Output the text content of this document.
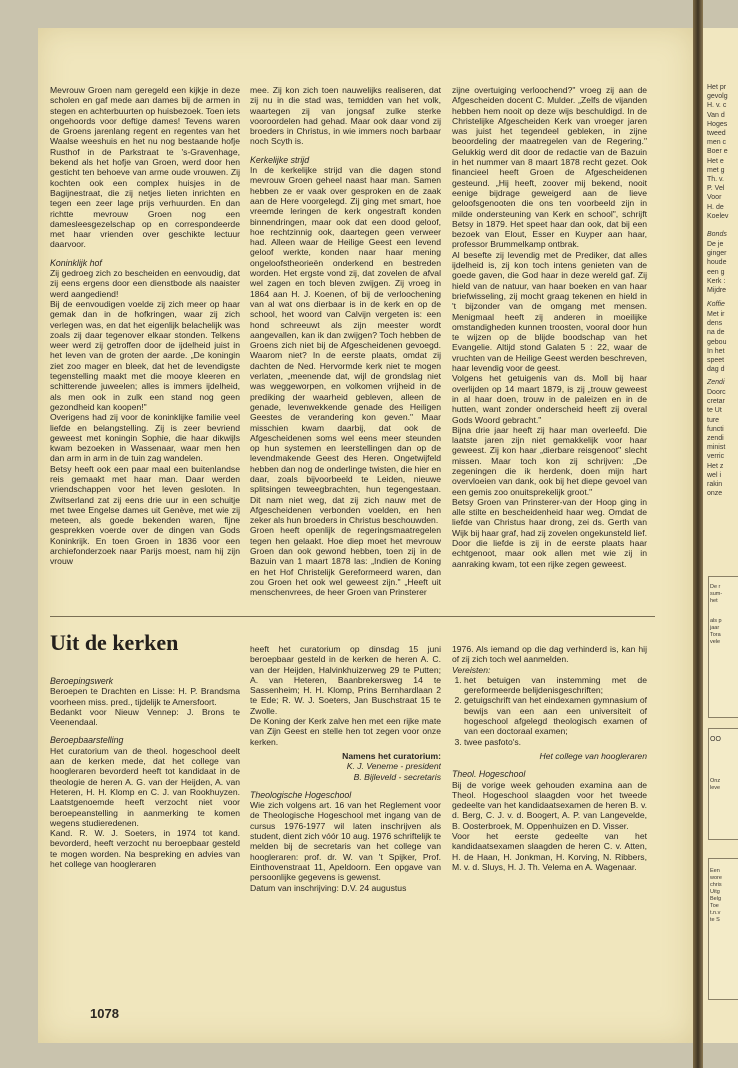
Mevrouw Groen nam geregeld een kijkje in deze scholen en gaf mede aan dames bij de armen in stegen en achterbuurten op huisbezoek. Toen iets ongehoords voor deftige dames! Tevens waren de Groens jarenlang regent en regentes van het Waalse weeshuis en het nu nog bestaande hofje Rusthof in de Parkstraat te 's-Gravenhage, bekend als het hofje van Groen, werd door hen gesticht ten behoeve van arme oude vrouwen. Zij kochten ook een complex huisjes in de Bagijnestraat, die zij netjes lieten inrichten en tegen een zeer lage prijs verhuurden. En dan richtte mevrouw Groen nog een damesleesgezelschap op en correspondeerde met haar vrienden over geschikte lectuur daarvoor.

Koninklijk hof

Zij gedroeg zich zo bescheiden en eenvoudig, dat zij eens ergens door een dienstbode als naaister werd aangediend!

Bij de eenvoudigen voelde zij zich meer op haar gemak dan in de hofkringen, waar zij zich verlegen was, en dat het eigenlijk belachelijk was zoals zij daar tegenover elkaar stonden. Telkens weer werd zij getroffen door de ijdelheid juist in het leven van de groten der aarde. „De koningin ziet zoo mager en bleek, dat het de levendigste tegenstelling maakt met die mooye kleeren en schitterende juweelen; alles is immers ijdelheid, als men ook in zulk een stand nog geen gezondheid kan koopen!"

Overigens had zij voor de koninklijke familie veel liefde en belangstelling. Zij is zeer bevriend geweest met koningin Sophie, die haar dikwijls kwam bezoeken in Wassenaar, waar men hen dan arm in arm in de tuin zag wandelen.

Betsy heeft ook een paar maal een buitenlandse reis gemaakt met haar man. Daar werden vriendschappen voor het leven gesloten. In Zwitserland zat zij eens drie uur in een schuitje met twee Engelse dames uit Genève, met wie zij meteen, als goede bekenden waren, fijne gesprekken voerde over de dingen van Gods Koninkrijk. En toen Groen in 1836 voor een archiefonderzoek naar Parijs moest, nam hij zijn vrouw

mee. Zij kon zich toen nauwelijks realiseren, dat zij nu in die stad was, temidden van het volk, waartegen zij van jongsaf zulke sterke vooroordelen had gehad. Maar ook daar vond zij broeders in Christus, in wie immers noch barbaar noch Scyth is.

Kerkelijke strijd

In de kerkelijke strijd van die dagen stond mevrouw Groen geheel naast haar man. Samen hebben ze er vaak over gesproken en de zaak aan de Here voorgelegd. Zij ging met smart, hoe vreemde leringen de kerk ongestraft konden binnendringen, maar ook dat een dood geloof, hoe rechtzinnig ook, daartegen geen verweer had. Alleen waar de Heilige Geest een levend geloof werkte, konden naar haar mening ongeloofstheorieën onderkend en bestreden worden. Het ergste vond zij, dat zovelen de afval wel zagen en toch bleven zwijgen. Zij vroeg in 1864 aan H. J. Koenen, of bij de verloochening van al wat ons dierbaar is in de kerk en op de school, het woord van Calvijn vergeten is: een hond schreeuwt als zijn meester wordt aangevallen, kan ik dan zwijgen? Toch hebben de Groens zich niet bij de Afgescheidenen gevoegd. Waarom niet? In de eerste plaats, omdat zij dachten de Ned. Hervormde kerk niet te mogen verlaten, „meenende dat, wijl de grondslag niet was weggeworpen, en volkomen vrijheid in de prediking der waarheid gebleven, alleen de genade, levenwekkende genade des Heiligen Geestes de verandering kon geven." Maar misschien kwam daarbij, dat ook de Afgescheidenen soms wel eens meer steunden op hun systemen en leerstellingen dan op de levendmakende Geest des Heren. Ongetwijfeld hebben dan nog de onderlinge twisten, die hier en daar, zoals bijvoorbeeld te Leiden, nieuwe splitsingen teweegbrachten, hun tegengestaan. Dit nam niet weg, dat zij zich nauw met de Afgescheidenen verbonden voelden, en hen zeker als hun broeders in Christus beschouwden.

Groen heeft openlijk de regeringsmaatregelen tegen hen gelaakt. Hoe diep moet het mevrouw Groen dan ook gewond hebben, toen zij in de Bazuin van 1 maart 1878 las: „Indien de Koning en het Hof Christelijk Gereformeerd waren, dan zou Groen het ook wel geweest zijn." „Heeft uit menschenvrees, de heer Groen van Prinsterer

zijne overtuiging verloochend?" vroeg zij aan de Afgescheiden docent C. Mulder. „Zelfs de vijanden hebben hem nooit op deze wijs beschuldigd. In de Christelijke Afgescheiden Kerk van vroeger jaren was juist het tegendeel gebleken, in zijne beoordeling der maatregelen van de Regering." Gelukkig werd dit door de redactie van de Bazuin in het nummer van 8 maart 1878 recht gezet. Ook financieel heeft Groen de Afgescheidenen gesteund. „Hij heeft, zoover mij bekend, nooit eenige bijdrage geweigerd aan de lieve geloofsgenooten die ons ten voorbeeld zijn in milde ondersteuning van Kerk en school", schrijft Betsy in 1879. Het speet haar dan ook, dat bij een bezoek van Elout, Esser en Kuyper aan haar, professor Brummelkamp ontbrak.

Al besefte zij levendig met de Prediker, dat alles ijdelheid is, zij kon toch intens genieten van de goede gaven, die God haar in deze wereld gaf. Zij hield van de natuur, van haar boeken en van haar briefwisseling, zij mocht graag tekenen en hield in 't bijzonder van de omgang met mensen. Menigmaal heeft zij anderen in moeilijke omstandigheden kunnen troosten, vooral door hun te wijzen op de blijde boodschap van het Evangelie. Altijd stond Galaten 5 : 22, waar de vruchten van de Heilige Geest werden beschreven, haar levendig voor de geest.

Volgens het getuigenis van ds. Moll bij haar overlijden op 14 maart 1879, is zij „trouw geweest in al haar doen, trouw in de paleizen en in de hutten, want zonder onderscheid heeft zij overal Gods Woord gebracht."

Bijna drie jaar heeft zij haar man overleefd. Die laatste jaren zijn niet gemakkelijk voor haar geweest. Zij kon haar „dierbare reisgenoot" slecht missen. Maar toch kon zij schrijven: „De zegeningen die ik herdenk, doen mijn hart overvloeien van dank, ook bij het diepe gevoel van een gemis zoo onuitsprekelijk groot."

Betsy Groen van Prinsterer-van der Hoop ging in alle stilte en bescheidenheid haar weg. Omdat de liefde van Christus haar drong, zei ds. Gerth van Wijk bij haar graf, had zij zovelen ongekunsteld lief. Door die liefde is zij in de eerste plaats haar echtgenoot, maar ook allen met wie zij in aanraking kwam, tot een rijke zegen geweest.

Uit de kerken
Beroepingswerk

Beroepen te Drachten en Lisse: H. P. Brandsma voorheen miss. pred., tijdelijk te Amersfoort.

Bedankt voor Nieuw Vennep: J. Brons te Veenendaal.

Beroepbaarstelling

Het curatorium van de theol. hogeschool deelt aan de kerken mede, dat het college van hoogleraren bevorderd heeft tot kandidaat in de theologie de heren A. G. van der Heijden, A. van Heteren, H. H. Klomp en C. J. van Rookhuyzen. Laatstgenoemde heeft verzocht niet voor beroepeanstelling in aanmerking te komen wegens studieredenen.

Kand. R. W. J. Soeters, in 1974 tot kand. bevorderd, heeft verzocht nu beroepbaar gesteld te mogen worden. Na bespreking en advies van het college van hoogleraren

heeft het curatorium op dinsdag 15 juni beroepbaar gesteld in de kerken de heren A. C. van der Heijden, Halvinkhuizerweg 29 te Putten; A. van Heteren, Baanbrekersweg 14 te Sassenheim; H. H. Klomp, Prins Bernhardlaan 2 te Ede; R. W. J. Soeters, Jan Buschstraat 15 te Zwolle.

De Koning der Kerk zalve hen met een rijke mate van Zijn Geest en stelle hen tot zegen voor onze kerken.

Namens het curatorium:
K. J. Veneme - president
B. Bijleveld - secretaris
Theologische Hogeschool

Wie zich volgens art. 16 van het Reglement voor de Theologische Hogeschool met ingang van de cursus 1976-1977 wil laten inschrijven als student, dient zich vóór 10 aug. 1976 schriftelijk te melden bij de secretaris van het college van hoogleraren: prof. dr. W. van 't Spijker, Prof. Einthovenstraat 11, Apeldoorn. Een opgave van persoonlijke gegevens is gewenst.

Datum van inschrijving: D.V. 24 augustus

1976. Als iemand op die dag verhinderd is, kan hij of zij zich toch wel aanmelden.

Vereisten:

1. het betuigen van instemming met de gereformeerde belijdenisgeschriften;
2. getuigschrift van het eindexamen gymnasium of bewijs van een aan een universiteit of hogeschool afgelegd theologisch examen of van een doctoraal examen;
3. twee pasfoto's.

Het college van hoogleraren

Theol. Hogeschool

Bij de vorige week gehouden examina aan de Theol. Hogeschool slaagden voor het tweede gedeelte van het kandidaatsexamen de heren B. v. d. Berg, C. J. v. d. Boogert, A. P. van Langevelde, B. Oosterbroek, M. Oppenhuizen en D. Visser.

Voor het eerste gedeelte van het kandidaatsexamen slaagden de heren C. v. Atten, H. de Haan, H. Jonkman, H. Korving, N. Ribbers, M. v. d. Sluys, H. J. Th. Velema en A. Wagenaar.

1078
Het pr
gevolg
H. v. c
Van d
Hoges
tweed
men c
Boer e
Het e
met g
Th. v.
P. Vel
Voor
H. de
Koelev
Bonds
De je
ginger
houde
een g
Kerk :
Mijdre
Koffie
Met ir
dens
na de
gebou
In het
speet
dag d
Zendi
Doorc
cretar
te Ut
ture
functi
zendi
minist
verric
Het z
wel i
rakin
onze
De r
sum-
het
als p
jaar
Tora
vele
OO
Onz
leve
Een
wore
chris
Uitg
Belg
Toe
t.n.v
te S
